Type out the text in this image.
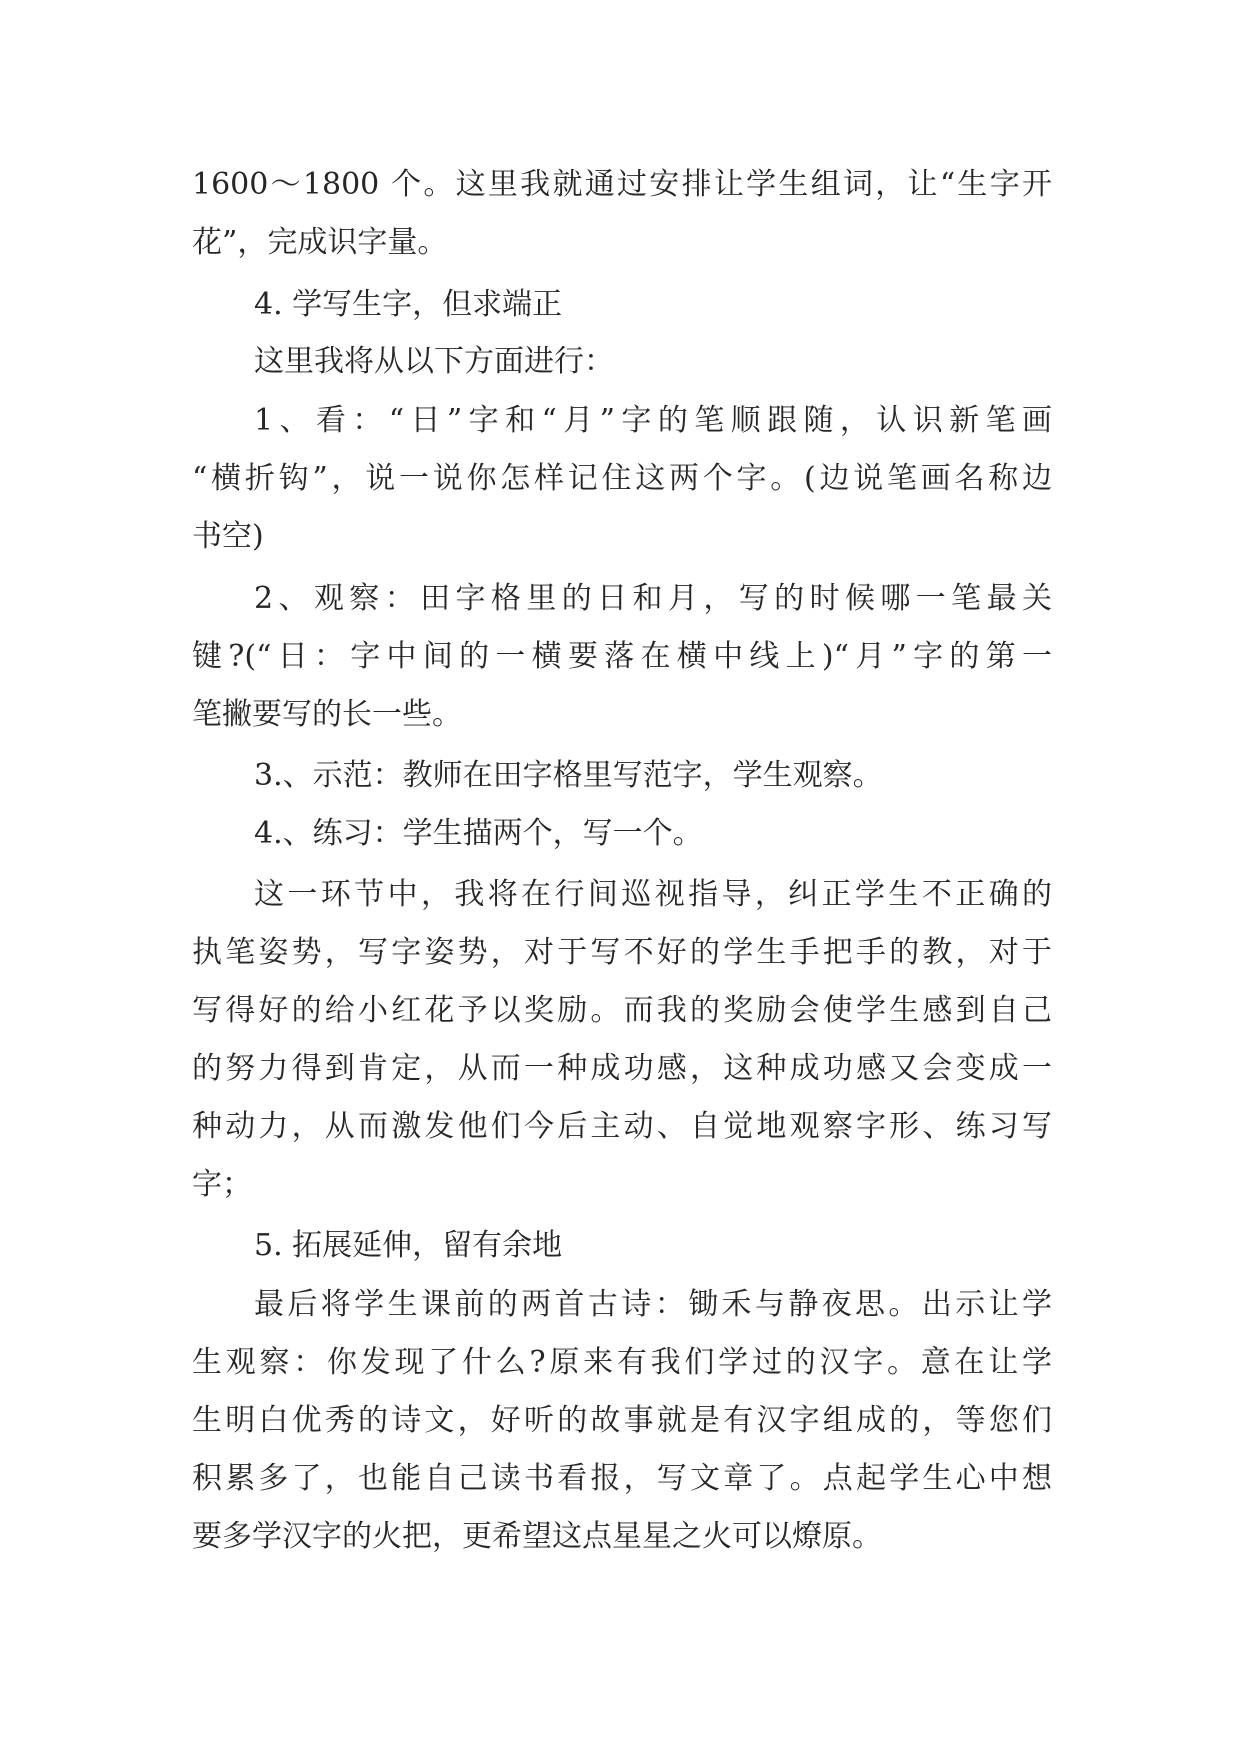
1600～1800 个。这里我就通过安排让学生组词，让“生字开

花”，完成识字量。

4. 学写生字，但求端正

这里我将从以下方面进行：

1、看：“日”字和“月”字的笔顺跟随，认识新笔画

“横折钩”，说一说你怎样记住这两个字。(边说笔画名称边

书空)

2、观察：田字格里的日和月，写的时候哪一笔最关

键?(“日：字中间的一横要落在横中线上)“月”字的第一

笔撇要写的长一些。

3.、示范：教师在田字格里写范字，学生观察。

4.、练习：学生描两个，写一个。

这一环节中，我将在行间巡视指导，纠正学生不正确的

执笔姿势，写字姿势，对于写不好的学生手把手的教，对于

写得好的给小红花予以奖励。而我的奖励会使学生感到自己

的努力得到肯定，从而一种成功感，这种成功感又会变成一

种动力，从而激发他们今后主动、自觉地观察字形、练习写

字；

5. 拓展延伸，留有余地

最后将学生课前的两首古诗：锄禾与静夜思。出示让学

生观察：你发现了什么?原来有我们学过的汉字。意在让学

生明白优秀的诗文，好听的故事就是有汉字组成的，等您们

积累多了，也能自己读书看报，写文章了。点起学生心中想

要多学汉字的火把，更希望这点星星之火可以燎原。
